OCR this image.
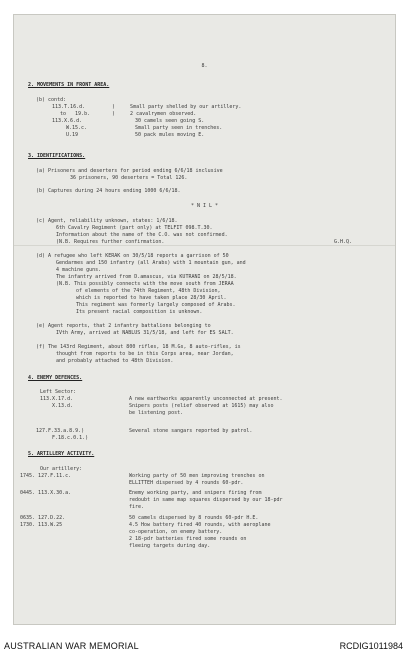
8.
2. MOVEMENTS IN FRONT AREA.
(b) contd:
113.T.16.d.	)     Small party shelled by our artillery.
to   19.b.	)     2 cavalrymen observed.
113.X.6.d.	30 camels seen going S.
W.15.c.	Small party seen in trenches.
U.19	50 pack mules moving E.
3. IDENTIFICATIONS.
(a) Prisoners and deserters for period ending 6/6/18 inclusive
36 prisoners, 90 deserters = Total 126.
(b) Captures during 24 hours ending 1000 6/6/18.
* N I L *
(c) Agent, reliability unknown, states: 1/6/18.
6th Cavalry Regiment (part only) at TELFIT 098.T.30.
Information about the name of the C.O. was not confirmed.
(N.B. Requires further confirmation.	G.H.Q.
(d) A refugee who left KERAK on 30/5/18 reports a garrison of 50
Gendarmes and 150 infantry (all Arabs) with 1 mountain gun, and
4 machine guns.
The infantry arrived from D.amascus, via KUTRANI on 28/5/18.
(N.B. This possibly connects with the move south from JERAA
of elements of the 74th Regiment, 48th Division,
which is reported to have taken place 28/30 April.
This regiment was formerly largely composed of Arabs.
Its present racial composition is unknown.
(e) Agent reports, that 2 infantry battalions belonging to
IVth Army, arrived at NABLUS 31/5/18, and left for ES SALT.
(f) The 143rd Regiment, about 800 rifles, 18 M.Gs, 8 auto-rifles, is
thought from reports to be in this Corps area, near Jordan,
and probably attached to 48th Division.
4. ENEMY DEFENCES.
Left Sector:
113.X.17.d.	A new earthworks apparently unconnected at present.
X.13.d.	Snipers posts (relief observed at 1615) may also
be listening post.
127.F.33.a.8.9.)	Several stone sangars reported by patrol.
F.18.c.0.1.)
5. ARTILLERY ACTIVITY.
Our artillery:
1745. 127.F.11.c.	Working party of 50 men improving trenches on
ELLITTEH dispersed by 4 rounds 60-pdr.
0445. 113.X.30.a.	Enemy working party, and snipers firing from
redoubt in same map squares dispersed by our 18-pdr
fire.
0635. 127.D.22.	50 camels dispersed by 8 rounds 60-pdr H.E.
1730. 113.W.25	4.5 How battery fired 40 rounds, with aeroplane
co-operation, on enemy battery.
2 18-pdr batteries fired some rounds on
fleeing targets during day.
AUSTRALIAN WAR MEMORIAL	RCDIG1011984
